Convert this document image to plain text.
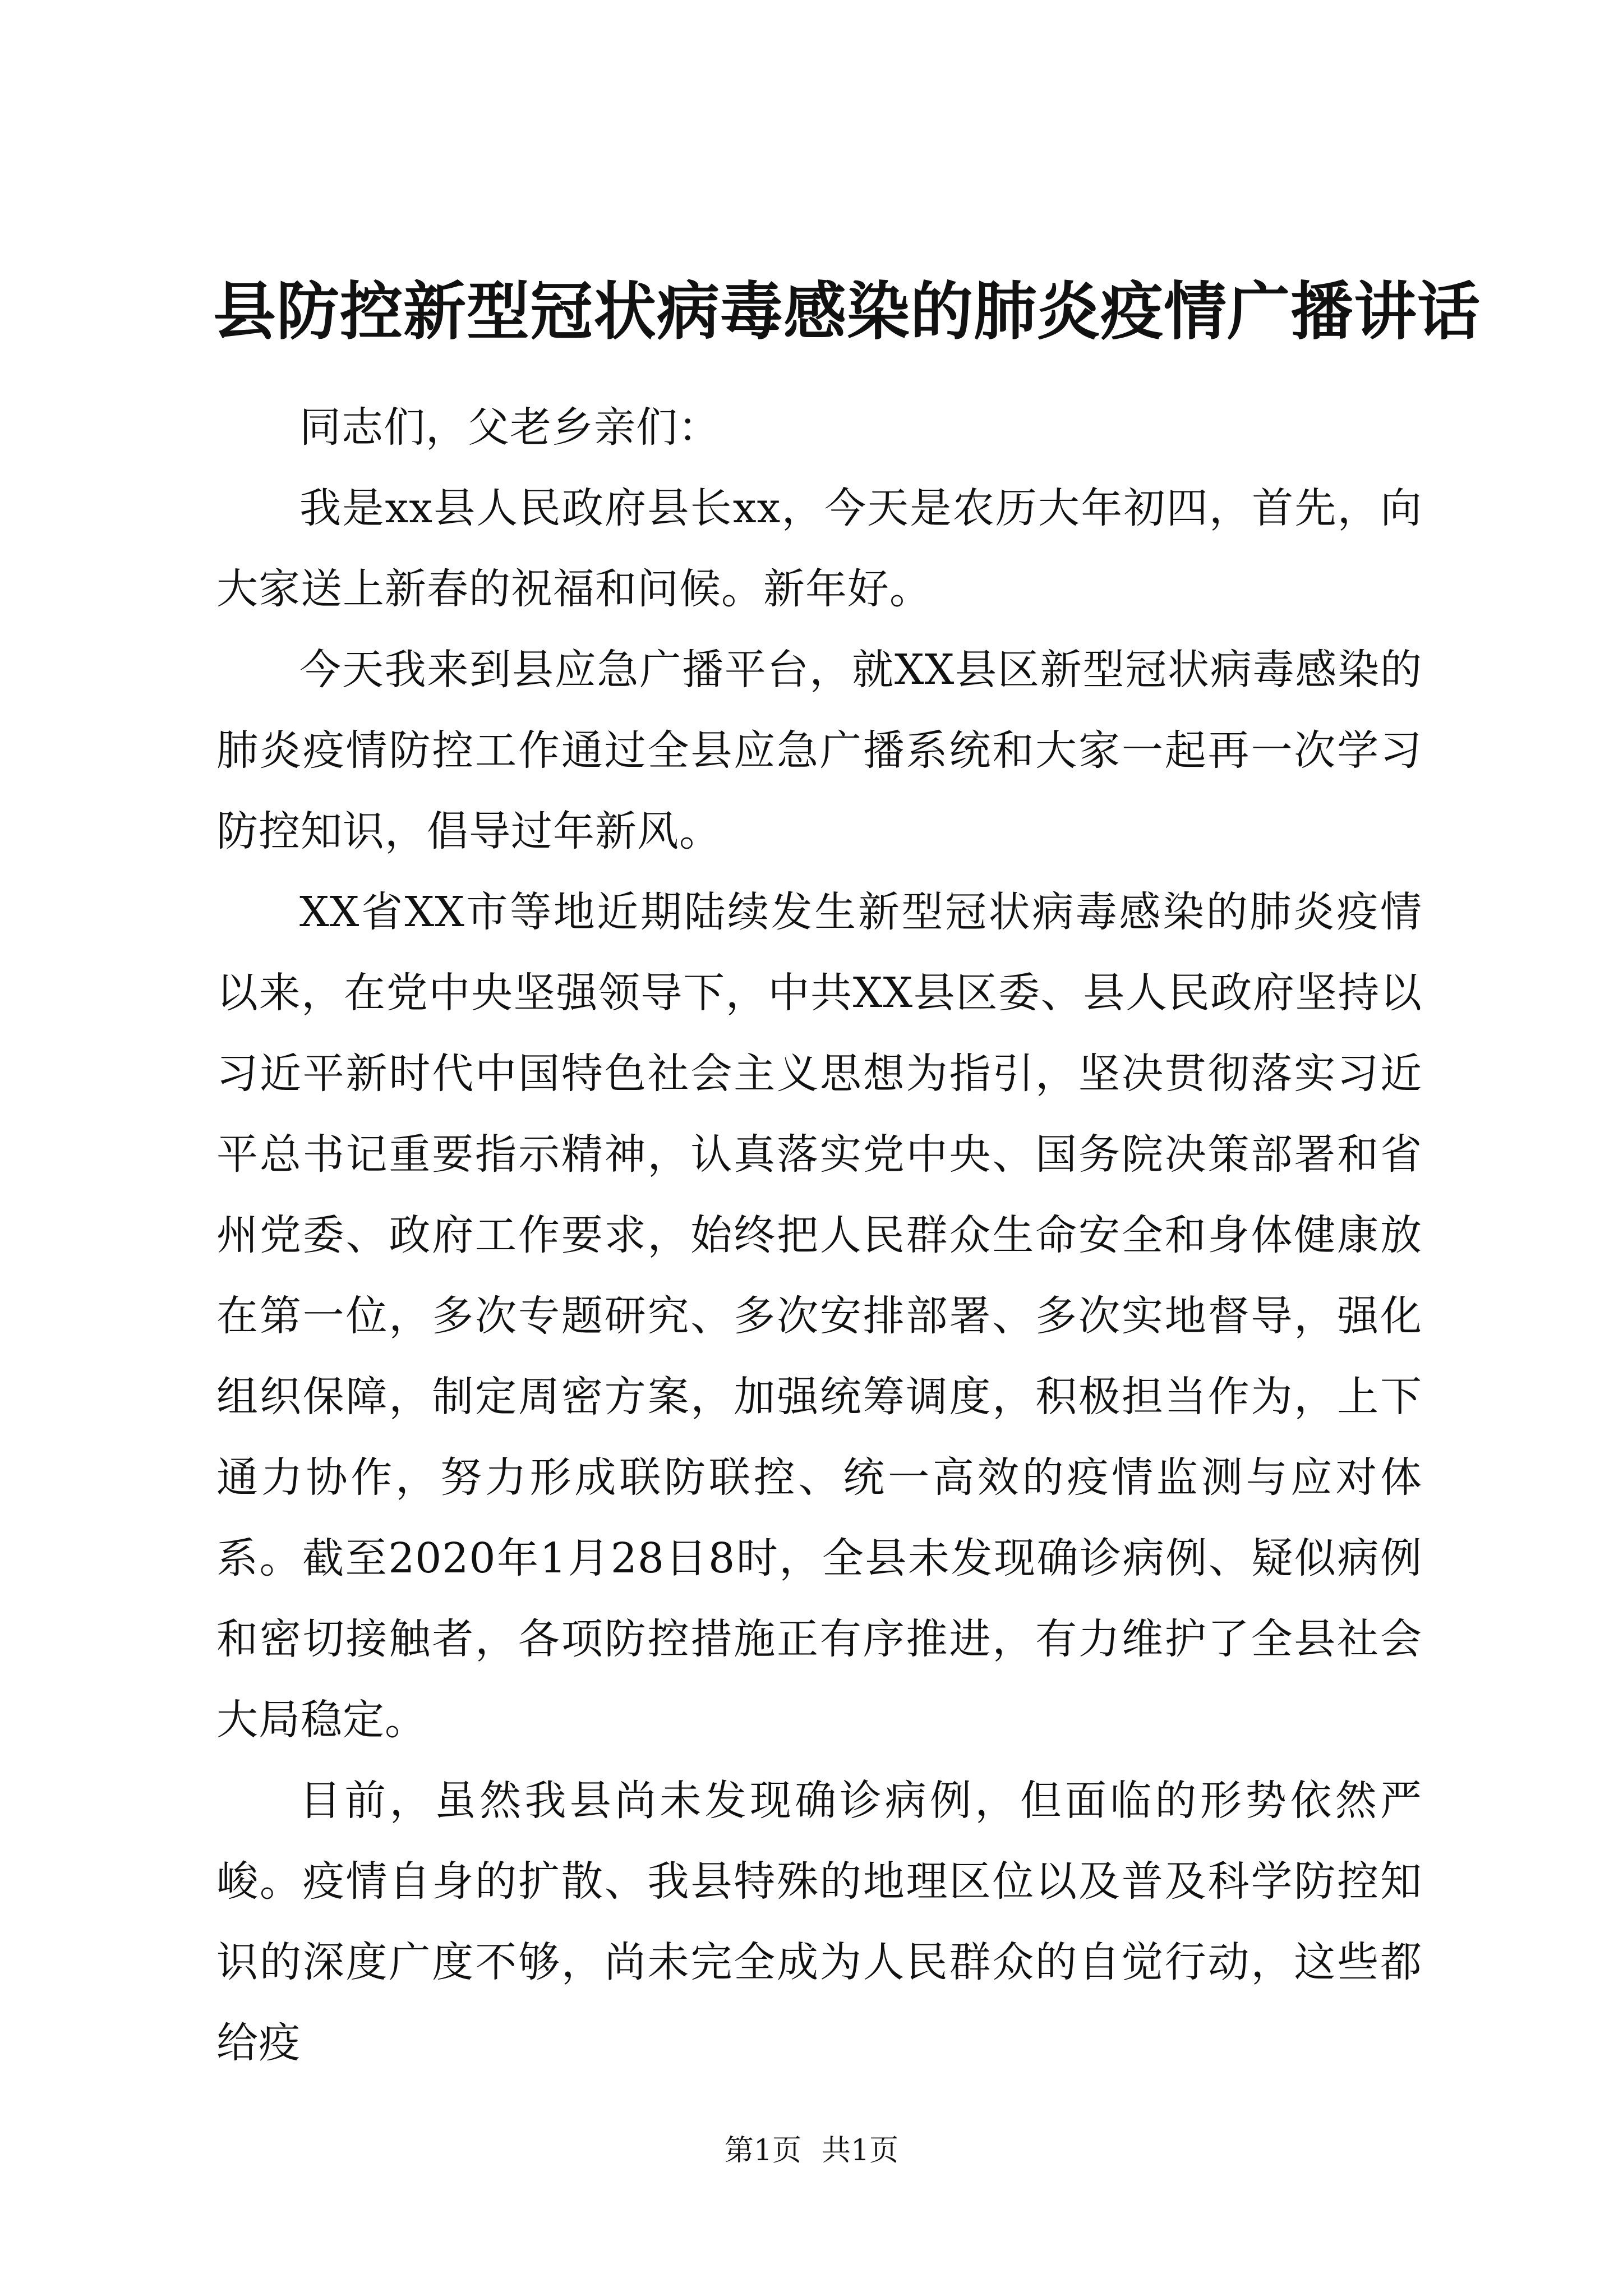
县防控新型冠状病毒感染的肺炎疫情广播讲话

同志们，父老乡亲们：

我是xx县人民政府县长xx，今天是农历大年初四，首先，向大家送上新春的祝福和问候。新年好。

今天我来到县应急广播平台，就XX县区新型冠状病毒感染的肺炎疫情防控工作通过全县应急广播系统和大家一起再一次学习防控知识，倡导过年新风。

XX省XX市等地近期陆续发生新型冠状病毒感染的肺炎疫情以来，在党中央坚强领导下，中共XX县区委、县人民政府坚持以习近平新时代中国特色社会主义思想为指引，坚决贯彻落实习近平总书记重要指示精神，认真落实党中央、国务院决策部署和省州党委、政府工作要求，始终把人民群众生命安全和身体健康放在第一位，多次专题研究、多次安排部署、多次实地督导，强化组织保障，制定周密方案，加强统筹调度，积极担当作为，上下通力协作，努力形成联防联控、统一高效的疫情监测与应对体系。截至2020年1月28日8时，全县未发现确诊病例、疑似病例和密切接触者，各项防控措施正有序推进，有力维护了全县社会大局稳定。

目前，虽然我县尚未发现确诊病例，但面临的形势依然严峻。疫情自身的扩散、我县特殊的地理区位以及普及科学防控知识的深度广度不够，尚未完全成为人民群众的自觉行动，这些都给疫

第1页 共1页
